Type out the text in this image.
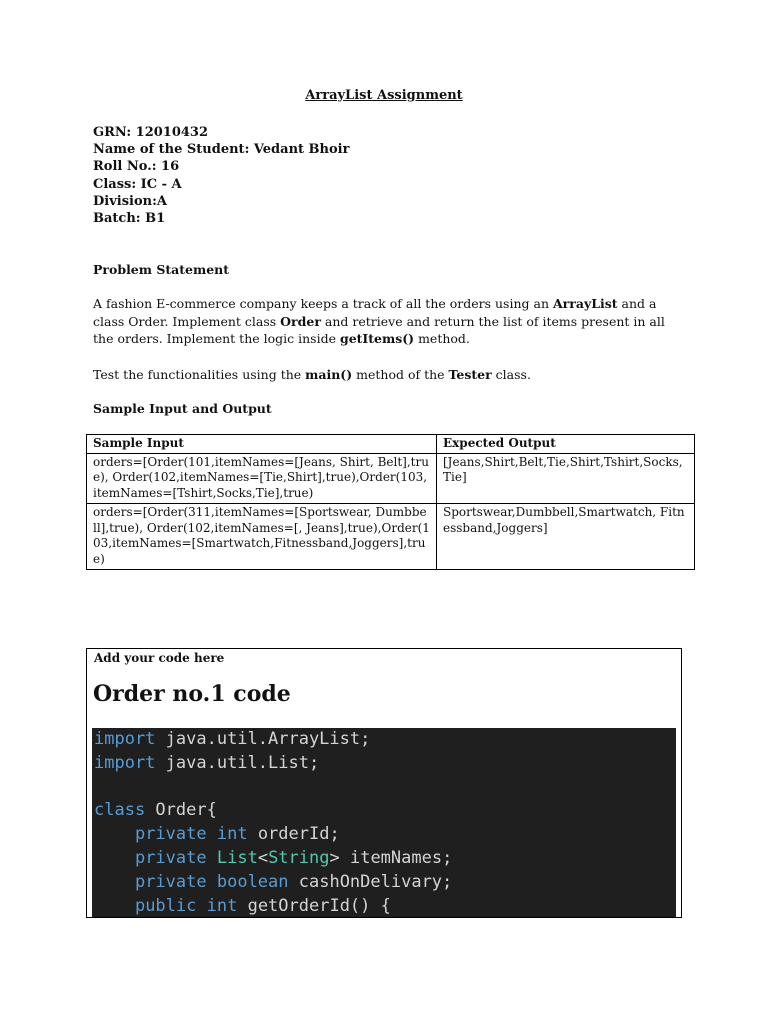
ArrayList Assignment
GRN: 12010432
Name of the Student: Vedant Bhoir
Roll No.: 16
Class: IC - A
Division:A
Batch: B1
Problem Statement
A fashion E-commerce company keeps a track of all the orders using an ArrayList and a class Order. Implement class Order and retrieve and return the list of items present in all the orders. Implement the logic inside getItems() method.
Test the functionalities using the main() method of the Tester class.
Sample Input and Output
Sample Input	Expected Output
orders=[Order(101,itemNames=[Jeans, Shirt, Belt],true), Order(102,itemNames=[Tie,Shirt],true),Order(103,itemNames=[Tshirt,Socks,Tie],true)	[Jeans,Shirt,Belt,Tie,Shirt,Tshirt,Socks,Tie]
orders=[Order(311,itemNames=[Sportswear, Dumbbell],true), Order(102,itemNames=[, Jeans],true),Order(103,itemNames=[Smartwatch,Fitnessband,Joggers],true)	Sportswear,Dumbbell,Smartwatch, Fitnessband,Joggers]
Add your code here
Order no.1 code
import java.util.ArrayList;
import java.util.List;

class Order{
private int orderId;
private List<String> itemNames;
private boolean cashOnDelivary;
public int getOrderId() {
